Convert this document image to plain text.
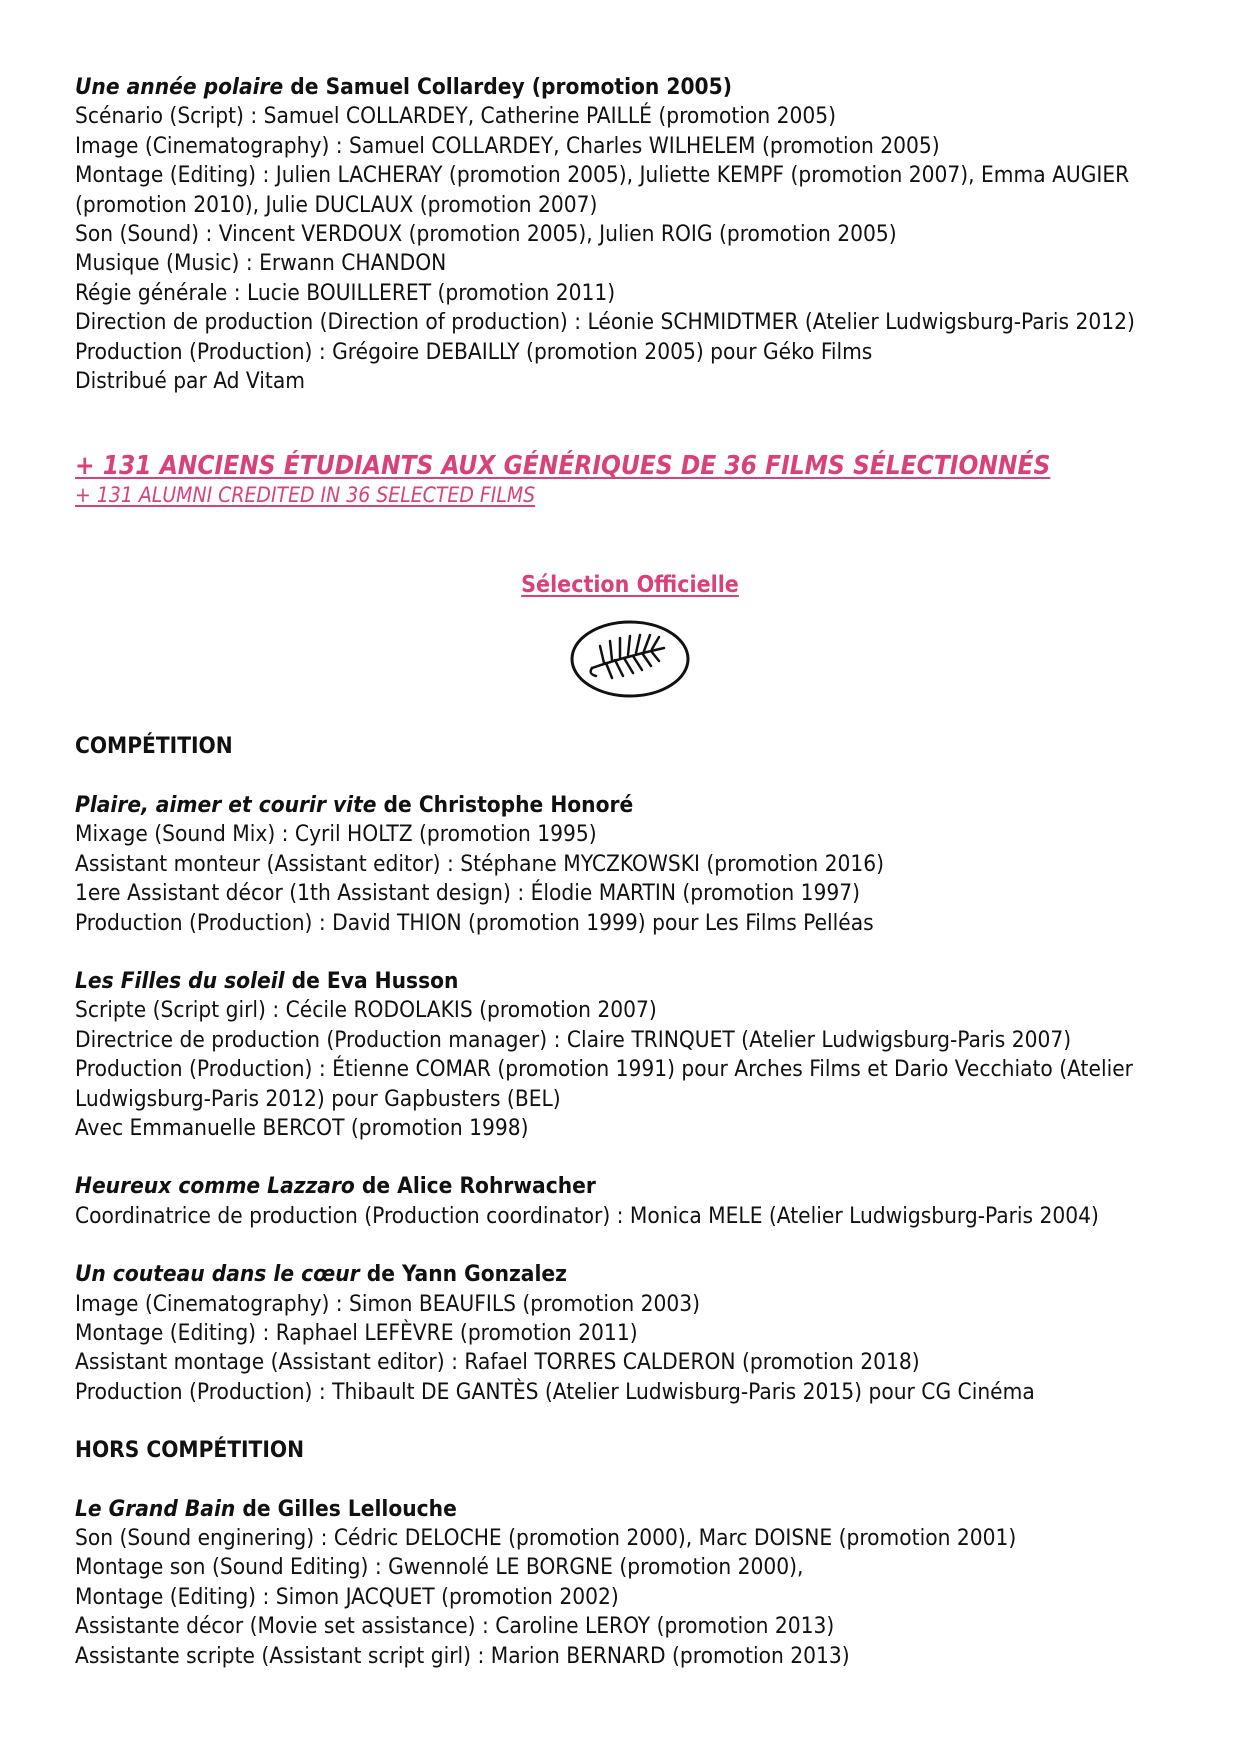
Une année polaire de Samuel Collardey (promotion 2005)
Scénario (Script) : Samuel COLLARDEY, Catherine PAILLÉ (promotion 2005)
Image (Cinematography) : Samuel COLLARDEY, Charles WILHELEM (promotion 2005)
Montage (Editing) : Julien LACHERAY (promotion 2005), Juliette KEMPF (promotion 2007), Emma AUGIER (promotion 2010), Julie DUCLAUX (promotion 2007)
Son (Sound) : Vincent VERDOUX (promotion 2005), Julien ROIG (promotion 2005)
Musique (Music) : Erwann CHANDON
Régie générale : Lucie BOUILLERET (promotion 2011)
Direction de production (Direction of production) : Léonie SCHMIDTMER (Atelier Ludwigsburg-Paris 2012)
Production (Production) : Grégoire DEBAILLY (promotion 2005) pour Géko Films
Distribué par Ad Vitam
+ 131 ANCIENS ÉTUDIANTS AUX GÉNÉRIQUES DE 36 FILMS SÉLECTIONNÉS
+ 131 ALUMNI CREDITED IN 36 SELECTED FILMS
Sélection Officielle
COMPÉTITION
Plaire, aimer et courir vite de Christophe Honoré
Mixage (Sound Mix) : Cyril HOLTZ (promotion 1995)
Assistant monteur (Assistant editor) : Stéphane MYCZKOWSKI (promotion 2016)
1ere Assistant décor (1th Assistant design) : Élodie MARTIN (promotion 1997)
Production (Production) : David THION (promotion 1999) pour Les Films Pelléas
Les Filles du soleil de Eva Husson
Scripte (Script girl) : Cécile RODOLAKIS (promotion 2007)
Directrice de production (Production manager) : Claire TRINQUET (Atelier Ludwigsburg-Paris 2007)
Production (Production) : Étienne COMAR (promotion 1991) pour Arches Films et Dario Vecchiato (Atelier Ludwigsburg-Paris 2012) pour Gapbusters (BEL)
Avec Emmanuelle BERCOT (promotion 1998)
Heureux comme Lazzaro de Alice Rohrwacher
Coordinatrice de production (Production coordinator) : Monica MELE (Atelier Ludwigsburg-Paris 2004)
Un couteau dans le cœur de Yann Gonzalez
Image (Cinematography) : Simon BEAUFILS (promotion 2003)
Montage (Editing) : Raphael LEFÈVRE (promotion 2011)
Assistant montage (Assistant editor) : Rafael TORRES CALDERON (promotion 2018)
Production (Production) : Thibault DE GANTÈS (Atelier Ludwisburg-Paris 2015) pour CG Cinéma
HORS COMPÉTITION
Le Grand Bain de Gilles Lellouche
Son (Sound enginering) : Cédric DELOCHE (promotion 2000), Marc DOISNE (promotion 2001)
Montage son (Sound Editing) : Gwennolé LE BORGNE (promotion 2000),
Montage (Editing) : Simon JACQUET (promotion 2002)
Assistante décor (Movie set assistance) : Caroline LEROY (promotion 2013)
Assistante scripte (Assistant script girl) : Marion BERNARD (promotion 2013)
